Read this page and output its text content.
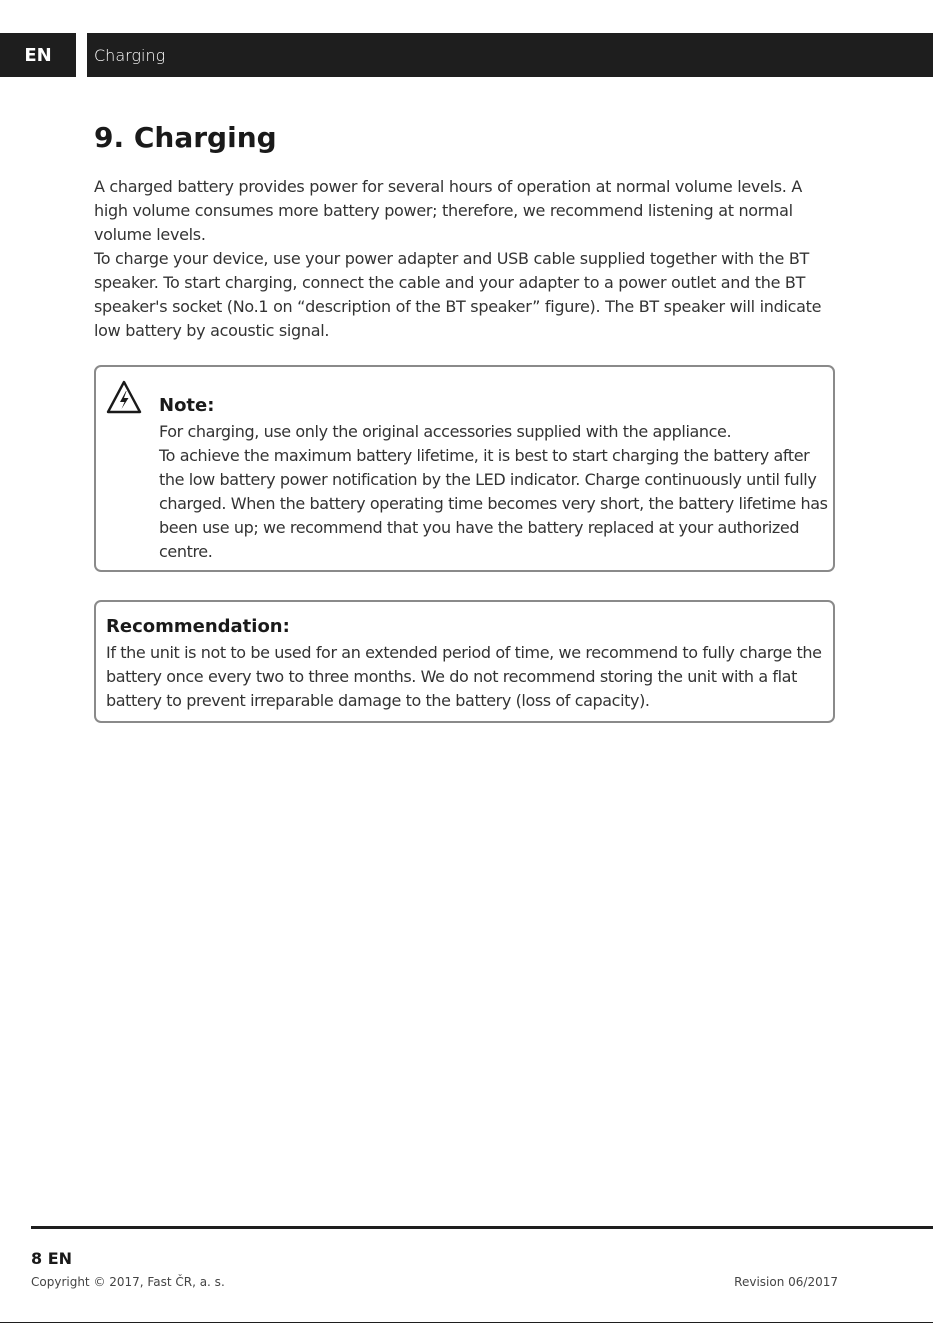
EN	Charging
9. Charging

A charged battery provides power for several hours of operation at normal volume levels. A high volume consumes more battery power; therefore, we recommend listening at normal volume levels.

To charge your device, use your power adapter and USB cable supplied together with the BT speaker. To start charging, connect the cable and your adapter to a power outlet and the BT speaker's socket (No.1 on “description of the BT speaker” figure). The BT speaker will indicate low battery by acoustic signal.

Note:

For charging, use only the original accessories supplied with the appliance.

To achieve the maximum battery lifetime, it is best to start charging the battery after the low battery power notification by the LED indicator. Charge continuously until fully charged. When the battery operating time becomes very short, the battery lifetime has been use up; we recommend that you have the battery replaced at your authorized centre.

Recommendation:
If the unit is not to be used for an extended period of time, we recommend to fully charge the battery once every two to three months. We do not recommend storing the unit with a flat battery to prevent irreparable damage to the battery (loss of capacity).
8 EN
Copyright © 2017, Fast ČR, a. s.	Revision 06/2017
